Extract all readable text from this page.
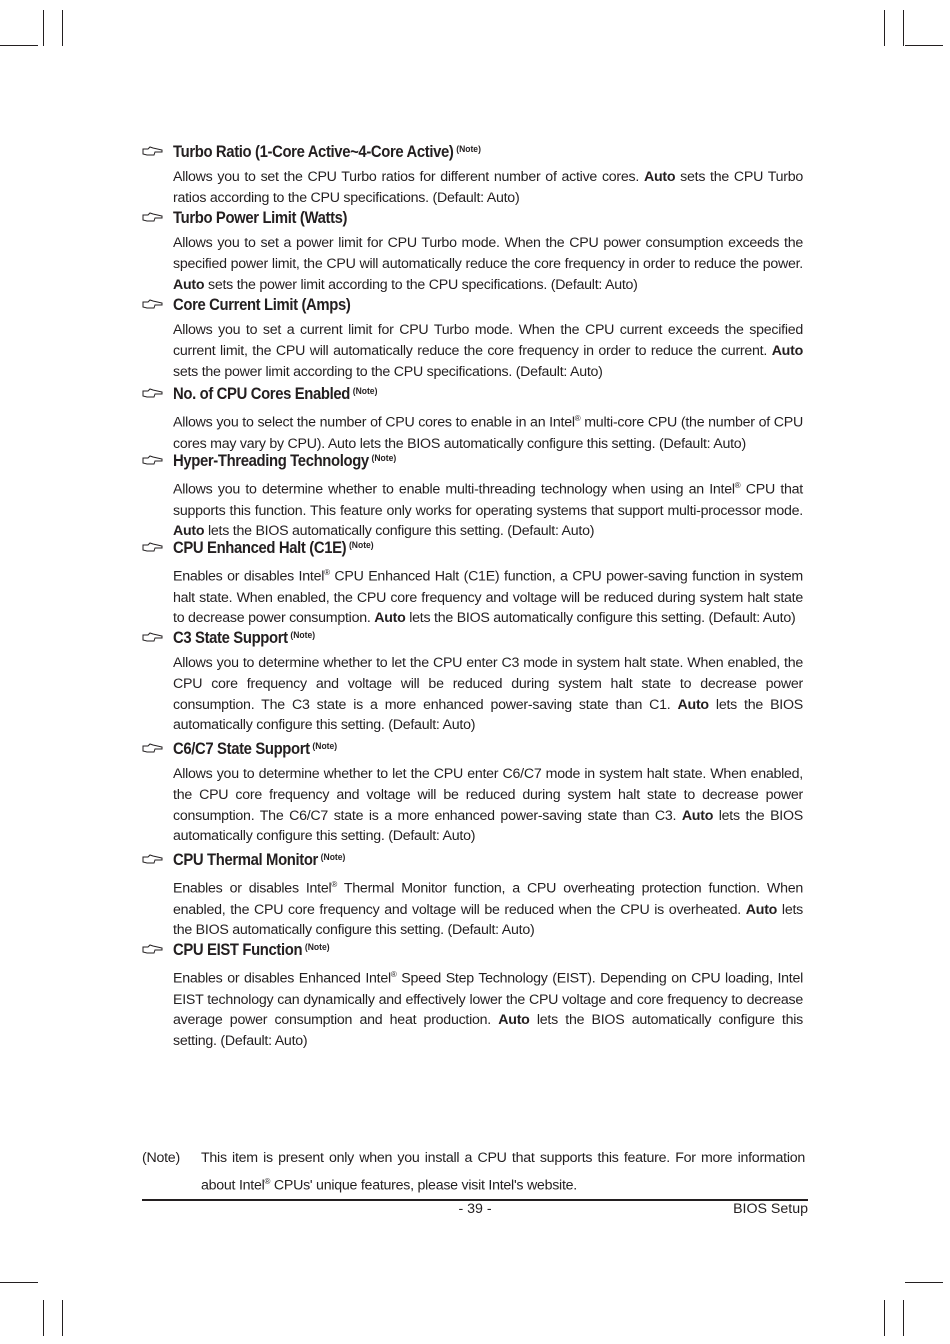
Turbo Ratio (1-Core Active~4-Core Active) $^{(Note)}$
Allows you to set the CPU Turbo ratios for different number of active cores. Auto sets the CPU Turbo ratios according to the CPU specifications. (Default: Auto)
Turbo Power Limit (Watts)
Allows you to set a power limit for CPU Turbo mode. When the CPU power consumption exceeds the specified power limit, the CPU will automatically reduce the core frequency in order to reduce the power. Auto sets the power limit according to the CPU specifications. (Default: Auto)
Core Current Limit (Amps)
Allows you to set a current limit for CPU Turbo mode. When the CPU current exceeds the specified current limit, the CPU will automatically reduce the core frequency in order to reduce the current. Auto sets the power limit according to the CPU specifications. (Default: Auto)
No. of CPU Cores Enabled $^{(Note)}$
Allows you to select the number of CPU cores to enable in an Intel® multi-core CPU (the number of CPU cores may vary by CPU). Auto lets the BIOS automatically configure this setting. (Default: Auto)
Hyper-Threading Technology $^{(Note)}$
Allows you to determine whether to enable multi-threading technology when using an Intel® CPU that supports this function. This feature only works for operating systems that support multi-processor mode. Auto lets the BIOS automatically configure this setting. (Default: Auto)
CPU Enhanced Halt (C1E) $^{(Note)}$
Enables or disables Intel® CPU Enhanced Halt (C1E) function, a CPU power-saving function in system halt state. When enabled, the CPU core frequency and voltage will be reduced during system halt state to decrease power consumption. Auto lets the BIOS automatically configure this setting. (Default: Auto)
C3 State Support $^{(Note)}$
Allows you to determine whether to let the CPU enter C3 mode in system halt state. When enabled, the CPU core frequency and voltage will be reduced during system halt state to decrease power consumption. The C3 state is a more enhanced power-saving state than C1. Auto lets the BIOS automatically configure this setting. (Default: Auto)
C6/C7 State Support $^{(Note)}$
Allows you to determine whether to let the CPU enter C6/C7 mode in system halt state. When enabled, the CPU core frequency and voltage will be reduced during system halt state to decrease power consumption. The C6/C7 state is a more enhanced power-saving state than C3. Auto lets the BIOS automatically configure this setting. (Default: Auto)
CPU Thermal Monitor $^{(Note)}$
Enables or disables Intel® Thermal Monitor function, a CPU overheating protection function. When enabled, the CPU core frequency and voltage will be reduced when the CPU is overheated. Auto lets the BIOS automatically configure this setting. (Default: Auto)
CPU EIST Function $^{(Note)}$
Enables or disables Enhanced Intel® Speed Step Technology (EIST). Depending on CPU loading, Intel EIST technology can dynamically and effectively lower the CPU voltage and core frequency to decrease average power consumption and heat production. Auto lets the BIOS automatically configure this setting. (Default: Auto)
(Note) This item is present only when you install a CPU that supports this feature. For more information about Intel® CPUs' unique features, please visit Intel's website.
- 39 -	BIOS Setup
